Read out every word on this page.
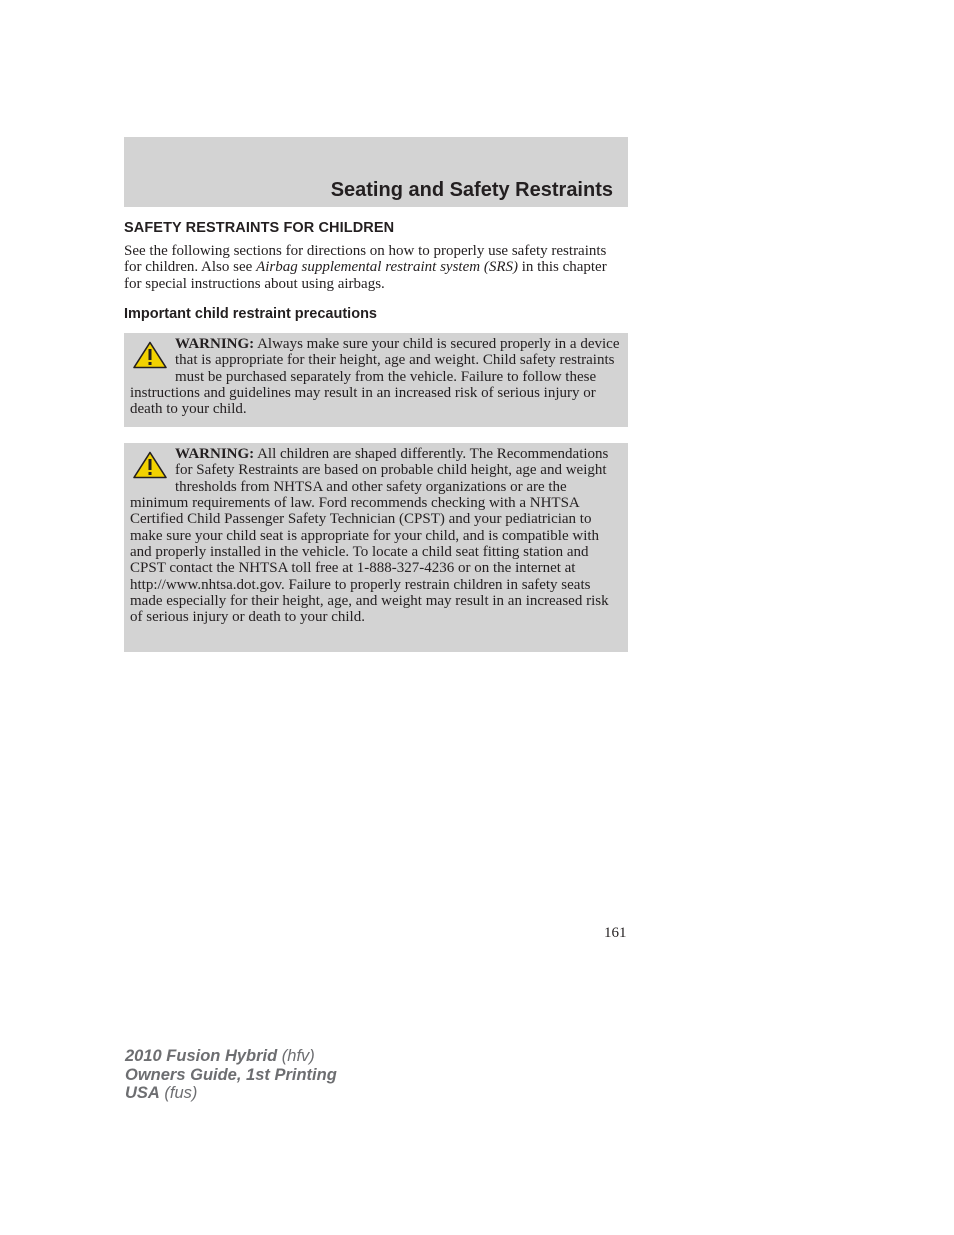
Seating and Safety Restraints
SAFETY RESTRAINTS FOR CHILDREN

See the following sections for directions on how to properly use safety restraints for children. Also see Airbag supplemental restraint system (SRS) in this chapter for special instructions about using airbags.

Important child restraint precautions

WARNING: Always make sure your child is secured properly in a device that is appropriate for their height, age and weight. Child safety restraints must be purchased separately from the vehicle. Failure to follow these instructions and guidelines may result in an increased risk of serious injury or death to your child.

WARNING: All children are shaped differently. The Recommendations for Safety Restraints are based on probable child height, age and weight thresholds from NHTSA and other safety organizations or are the minimum requirements of law. Ford recommends checking with a NHTSA Certified Child Passenger Safety Technician (CPST) and your pediatrician to make sure your child seat is appropriate for your child, and is compatible with and properly installed in the vehicle. To locate a child seat fitting station and CPST contact the NHTSA toll free at 1-888-327-4236 or on the internet at http://www.nhtsa.dot.gov. Failure to properly restrain children in safety seats made especially for their height, age, and weight may result in an increased risk of serious injury or death to your child.

161

2010 Fusion Hybrid (hfv)
Owners Guide, 1st Printing
USA (fus)
